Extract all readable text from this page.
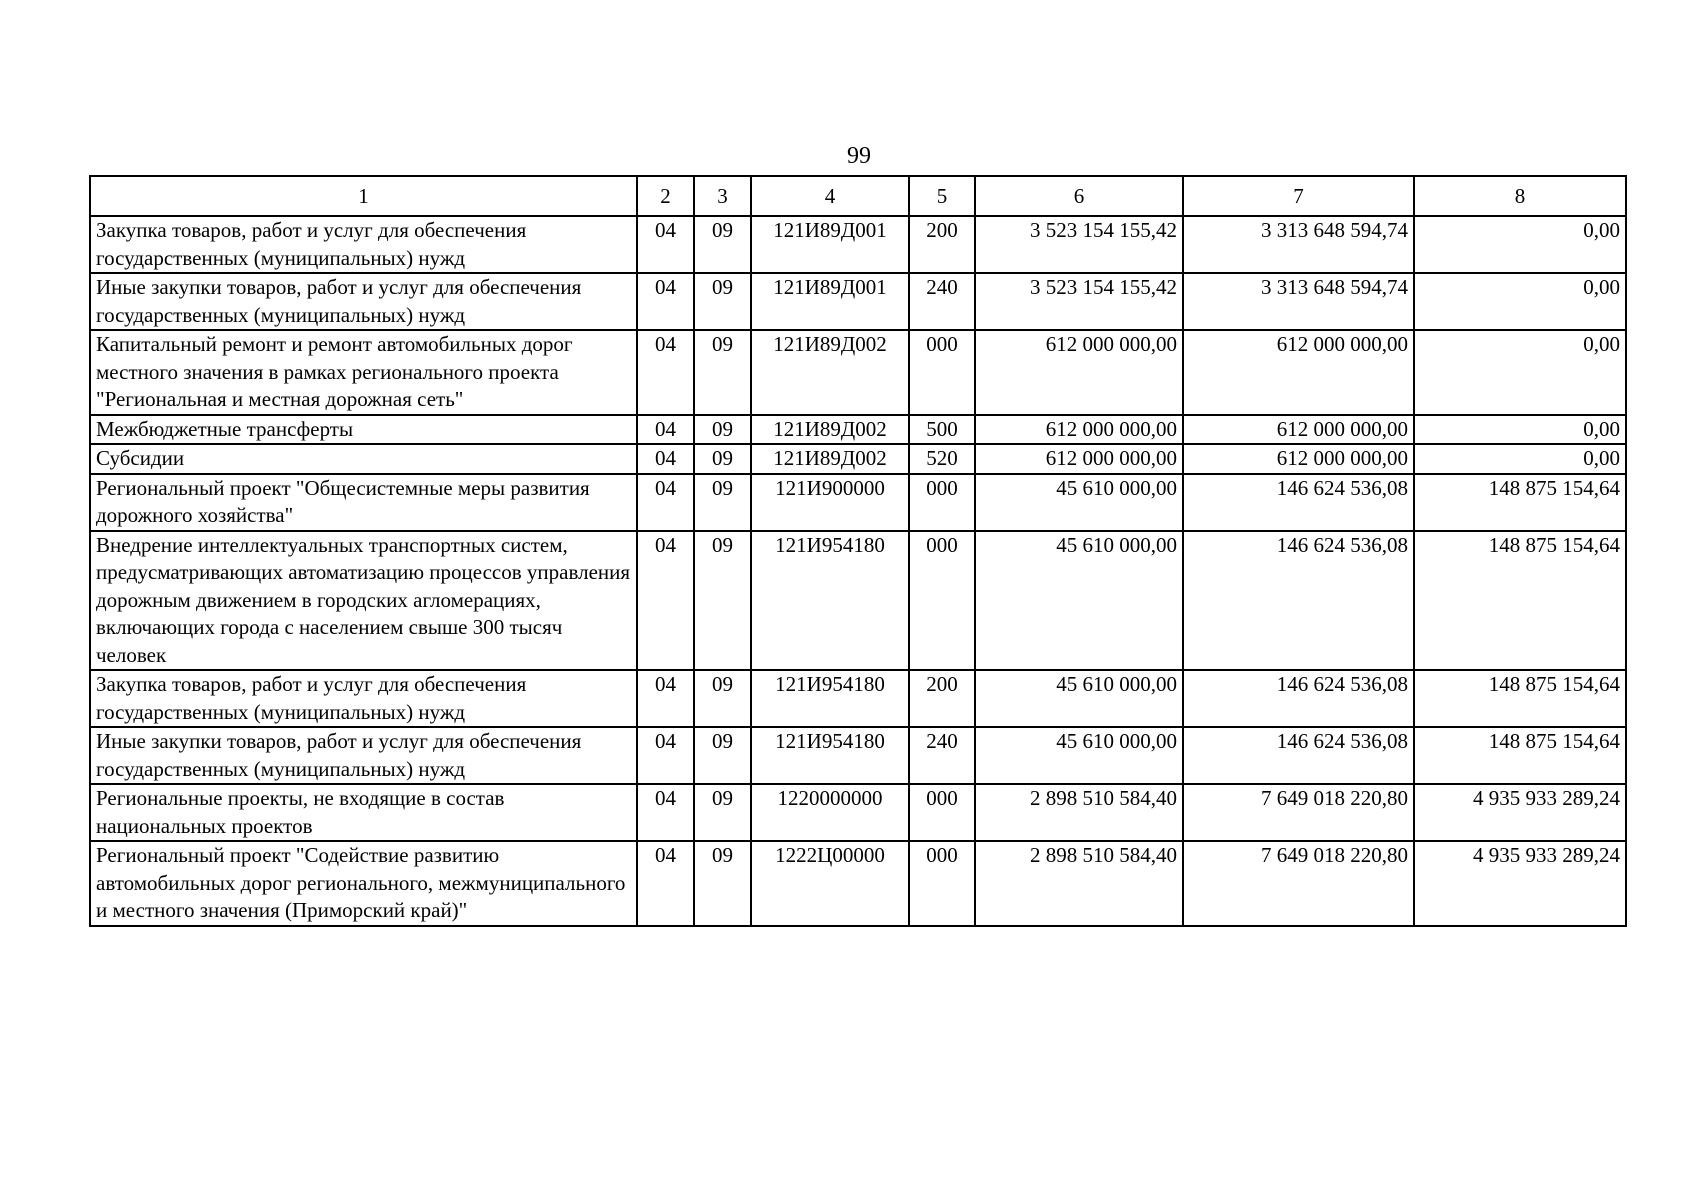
99
1	2	3	4	5	6	7	8
Закупка товаров, работ и услуг для обеспечения государственных (муниципальных) нужд	04	09	121И89Д001	200	3 523 154 155,42	3 313 648 594,74	0,00
Иные закупки товаров, работ и услуг для обеспечения государственных (муниципальных) нужд	04	09	121И89Д001	240	3 523 154 155,42	3 313 648 594,74	0,00
Капитальный ремонт и ремонт автомобильных дорог местного значения в рамках регионального проекта "Региональная и местная дорожная сеть"	04	09	121И89Д002	000	612 000 000,00	612 000 000,00	0,00
Межбюджетные трансферты	04	09	121И89Д002	500	612 000 000,00	612 000 000,00	0,00
Субсидии	04	09	121И89Д002	520	612 000 000,00	612 000 000,00	0,00
Региональный проект "Общесистемные меры развития дорожного хозяйства"	04	09	121И900000	000	45 610 000,00	146 624 536,08	148 875 154,64
Внедрение интеллектуальных транспортных систем, предусматривающих автоматизацию процессов управления дорожным движением в городских агломерациях, включающих города с населением свыше 300 тысяч человек	04	09	121И954180	000	45 610 000,00	146 624 536,08	148 875 154,64
Закупка товаров, работ и услуг для обеспечения государственных (муниципальных) нужд	04	09	121И954180	200	45 610 000,00	146 624 536,08	148 875 154,64
Иные закупки товаров, работ и услуг для обеспечения государственных (муниципальных) нужд	04	09	121И954180	240	45 610 000,00	146 624 536,08	148 875 154,64
Региональные проекты, не входящие в состав национальных проектов	04	09	1220000000	000	2 898 510 584,40	7 649 018 220,80	4 935 933 289,24
Региональный проект "Содействие развитию автомобильных дорог регионального, межмуниципального и местного значения (Приморский край)"	04	09	1222Ц00000	000	2 898 510 584,40	7 649 018 220,80	4 935 933 289,24
